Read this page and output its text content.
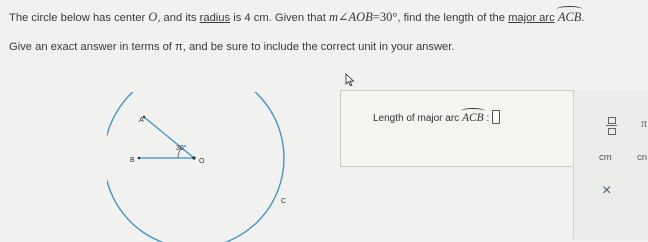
The circle below has center O, and its radius is 4 cm. Given that m∠AOB=30°, find the length of the major arc ACB.
Give an exact answer in terms of π, and be sure to include the correct unit in your answer.
A
B	O
C
30°
Length of major arc
ACB :	π
cm	cn
×
